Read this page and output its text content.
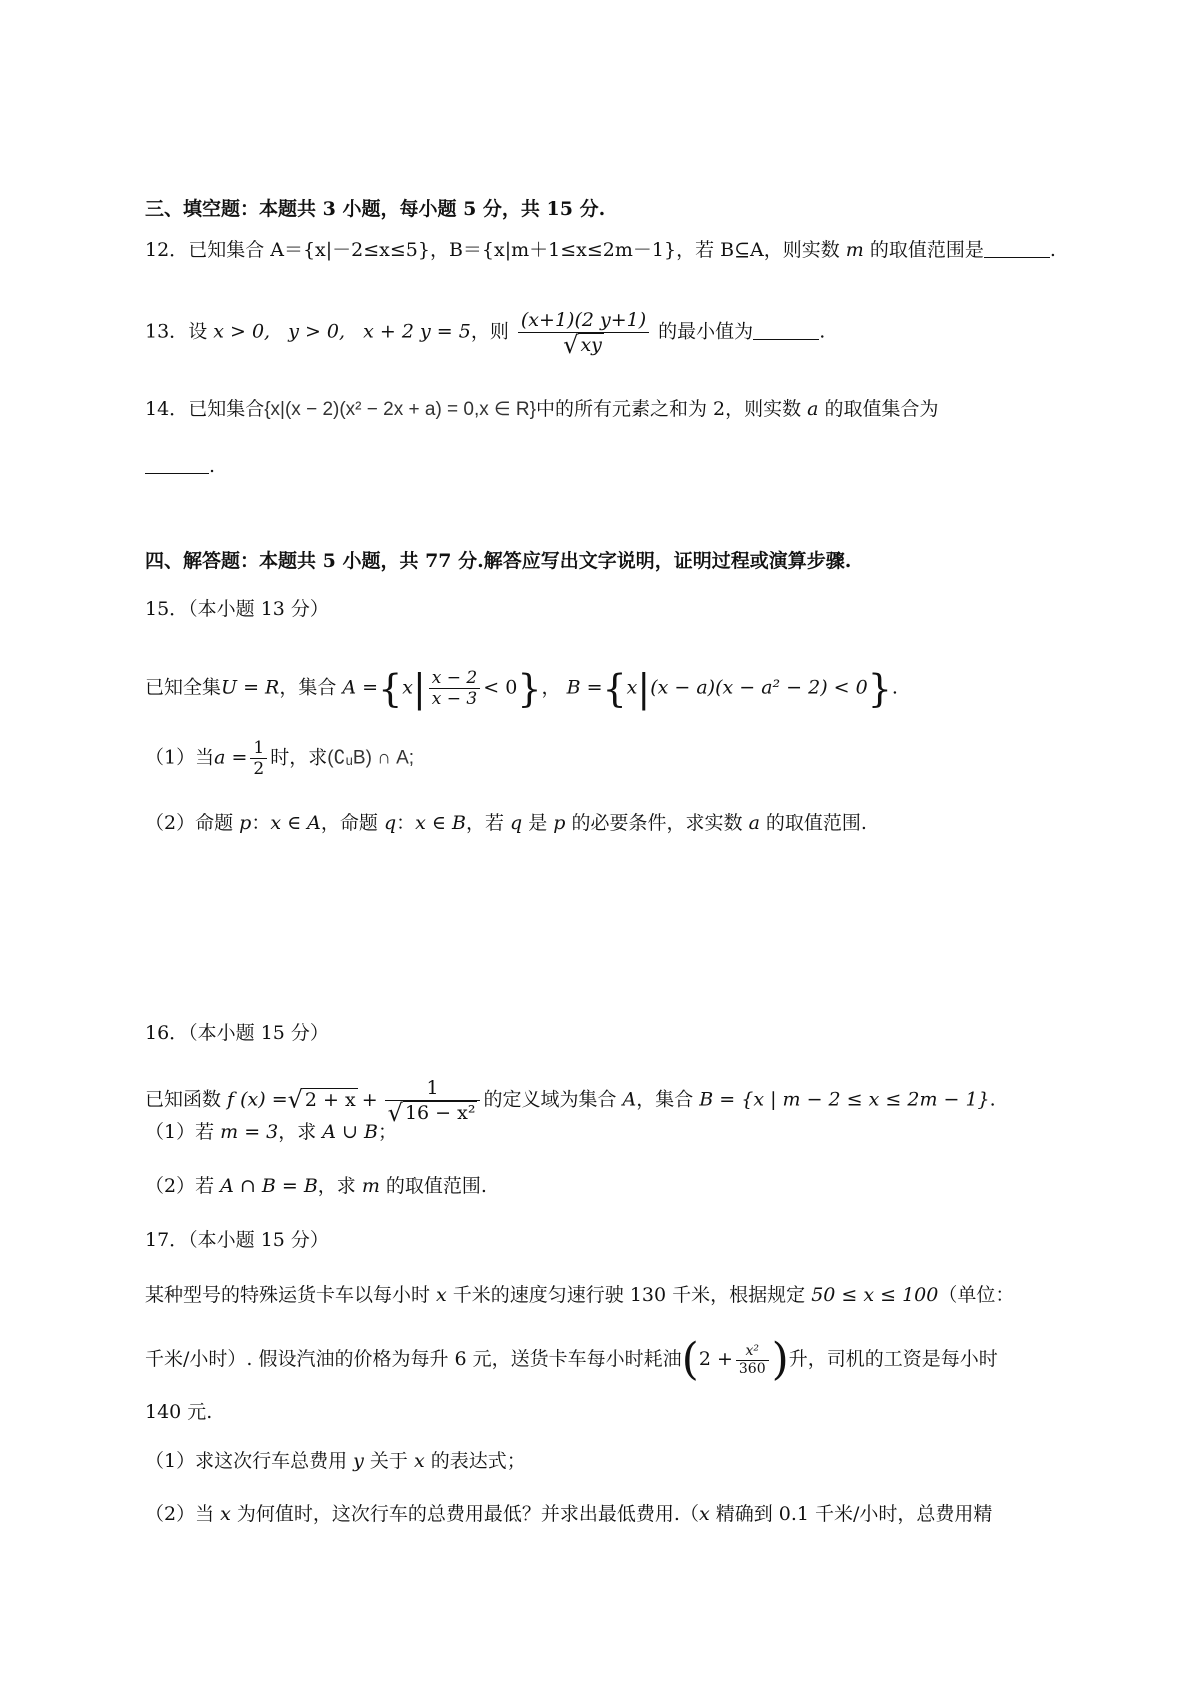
三、填空题：本题共 3 小题，每小题 5 分，共 15 分.
12．已知集合 A＝{x|－2≤x≤5}，B＝{x|m＋1≤x≤2m－1}，若 B⊆A，则实数 m 的取值范围是	.
13．设 x > 0,   y > 0,   x + 2 y = 5，则 $\frac{(x+1)(2 y+1)}{√ xy}$ 的最小值为	.
14．已知集合{x|(x − 2)(x² − 2x + a) = 0,x ∈ R}中的所有元素之和为 2，则实数 a 的取值集合为
.
四、解答题：本题共 5 小题，共 77 分.解答应写出文字说明，证明过程或演算步骤.
15．（本小题 13 分）
已知全集U = R，集合 $A =\{x| \frac{x - 2}{x - 3} < 0\}$， B ={x|(x − a)(x − a² − 2) < 0}.
（1）当$a = \frac{1}{2}$ 时，求(∁ᵤB) ∩ A;
（2）命题 p：x ∈ A，命题 q：x ∈ B，若 q 是 p 的必要条件，求实数 a 的取值范围.
16．（本小题 15 分）
已知函数 f (x) =√ $2 + x + \frac{1}{\text{√ 16 − x²}}$ 的定义域为集合 A，集合 B = {x | m − 2 ≤ x ≤ 2m − 1}.
（1）若 m = 3，求 A ∪ B；
（2）若 A ∩ B = B，求 m 的取值范围.
17．（本小题 15 分）
某种型号的特殊运货卡车以每小时 x 千米的速度匀速行驶 130 千米，根据规定 50 ≤ x ≤ 100（单位：
千米/小时）. 假设汽油的价格为每升 6 元，送货卡车每小时耗油($2 + \frac{\text{x²}}{360}$ )升，司机的工资是每小时
140 元.
（1）求这次行车总费用 y 关于 x 的表达式；
（2）当 x 为何值时，这次行车的总费用最低？并求出最低费用.（x 精确到 0.1 千米/小时，总费用精
